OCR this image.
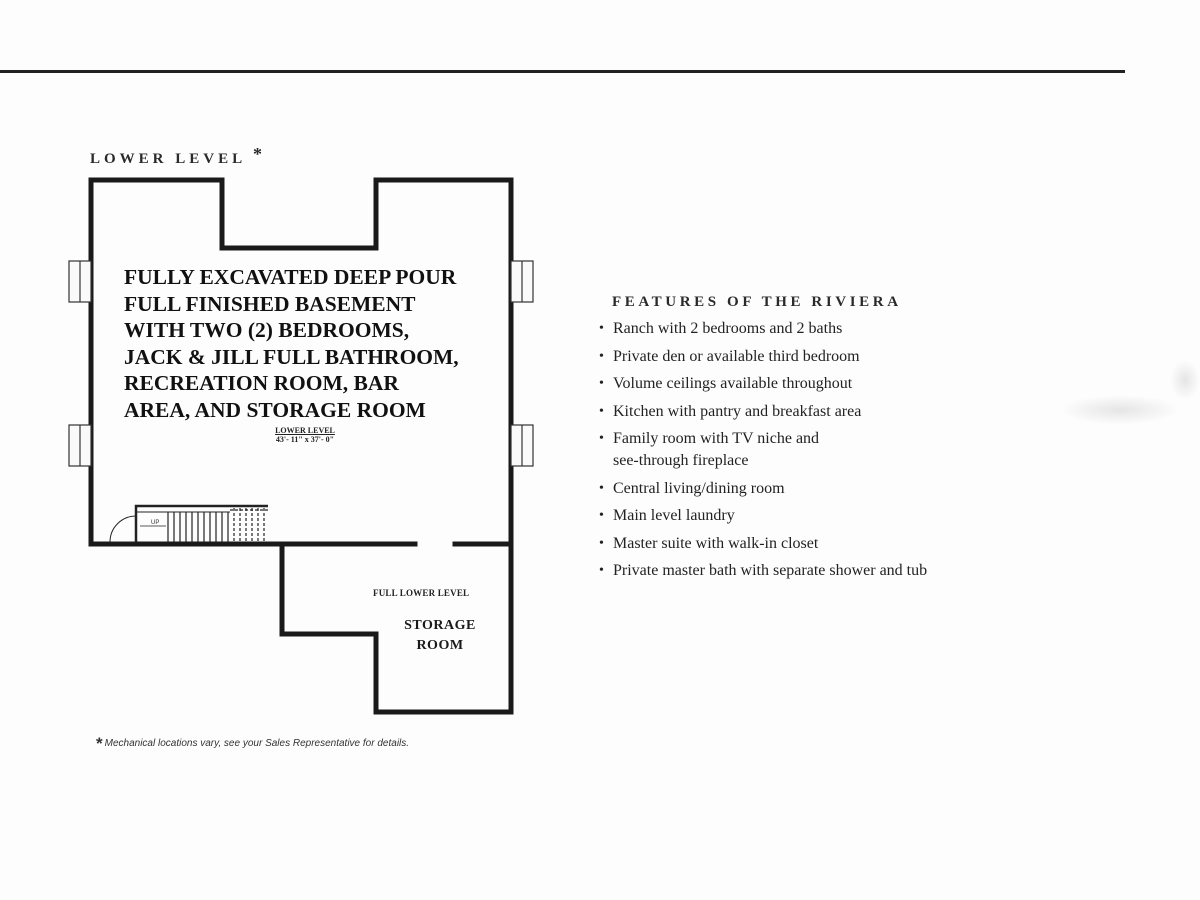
LOWER LEVEL *
FULLY EXCAVATED DEEP POUR
FULL FINISHED BASEMENT
WITH TWO (2) BEDROOMS,
JACK & JILL FULL BATHROOM,
RECREATION ROOM, BAR
AREA, AND STORAGE ROOM
LOWER LEVEL
43'- 11" x 37'- 0"
UP
FULL LOWER LEVEL
STORAGE
ROOM
* Mechanical locations vary, see your Sales Representative for details.
FEATURES OF THE RIVIERA
• Ranch with 2 bedrooms and 2 baths
• Private den or available third bedroom
• Volume ceilings available throughout
• Kitchen with pantry and breakfast area
• Family room with TV niche and
see-through fireplace
• Central living/dining room
• Main level laundry
• Master suite with walk-in closet
• Private master bath with separate shower and tub
